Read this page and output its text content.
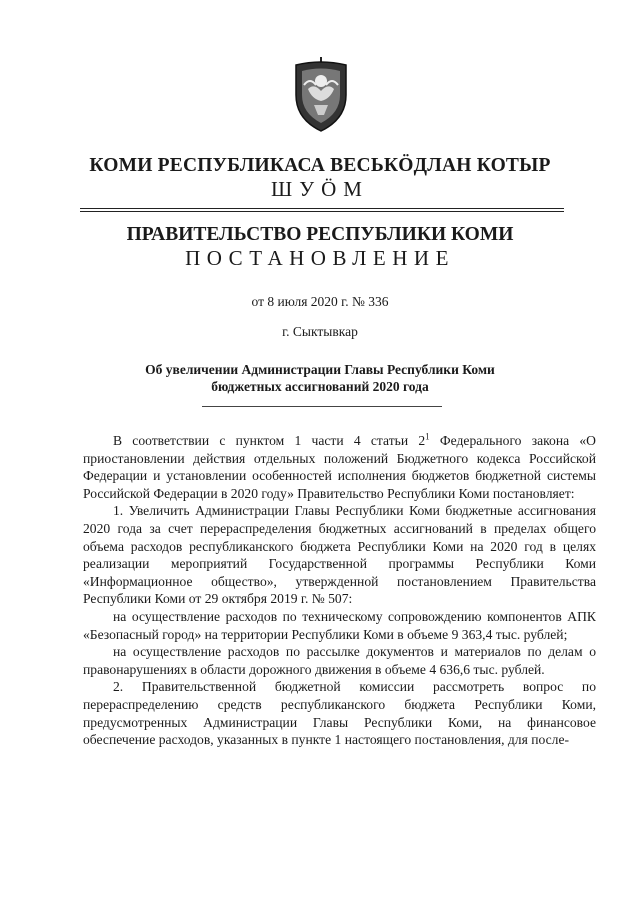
КОМИ РЕСПУБЛИКАСА ВЕСЬКÖДЛАН КОТЫР
ШУÖМ
ПРАВИТЕЛЬСТВО РЕСПУБЛИКИ КОМИ
ПОСТАНОВЛЕНИЕ
от 8 июля 2020 г. № 336
г. Сыктывкар
Об увеличении Администрации Главы Республики Коми
бюджетных ассигнований 2020 года

В соответствии с пунктом 1 части 4 статьи $2^1$ Федерального закона «О приостановлении действия отдельных положений Бюджетного кодекса Российской Федерации и установлении особенностей исполнения бюджетов бюджетной системы Российской Федерации в 2020 году» Правительство Республики Коми постановляет:

1. Увеличить Администрации Главы Республики Коми бюджетные ассигнования 2020 года за счет перераспределения бюджетных ассигнований в пределах общего объема расходов республиканского бюджета Республики Коми на 2020 год в целях реализации мероприятий Государственной программы Республики Коми «Информационное общество», утвержденной постановлением Правительства Республики Коми от 29 октября 2019 г. № 507:

на осуществление расходов по техническому сопровождению компонентов АПК «Безопасный город» на территории Республики Коми в объеме 9 363,4 тыс. рублей;

на осуществление расходов по рассылке документов и материалов по делам о правонарушениях в области дорожного движения в объеме 4 636,6 тыс. рублей.

2. Правительственной бюджетной комиссии рассмотреть вопрос по перераспределению средств республиканского бюджета Республики Коми, предусмотренных Администрации Главы Республики Коми, на финансовое обеспечение расходов, указанных в пункте 1 настоящего постановления, для после-
